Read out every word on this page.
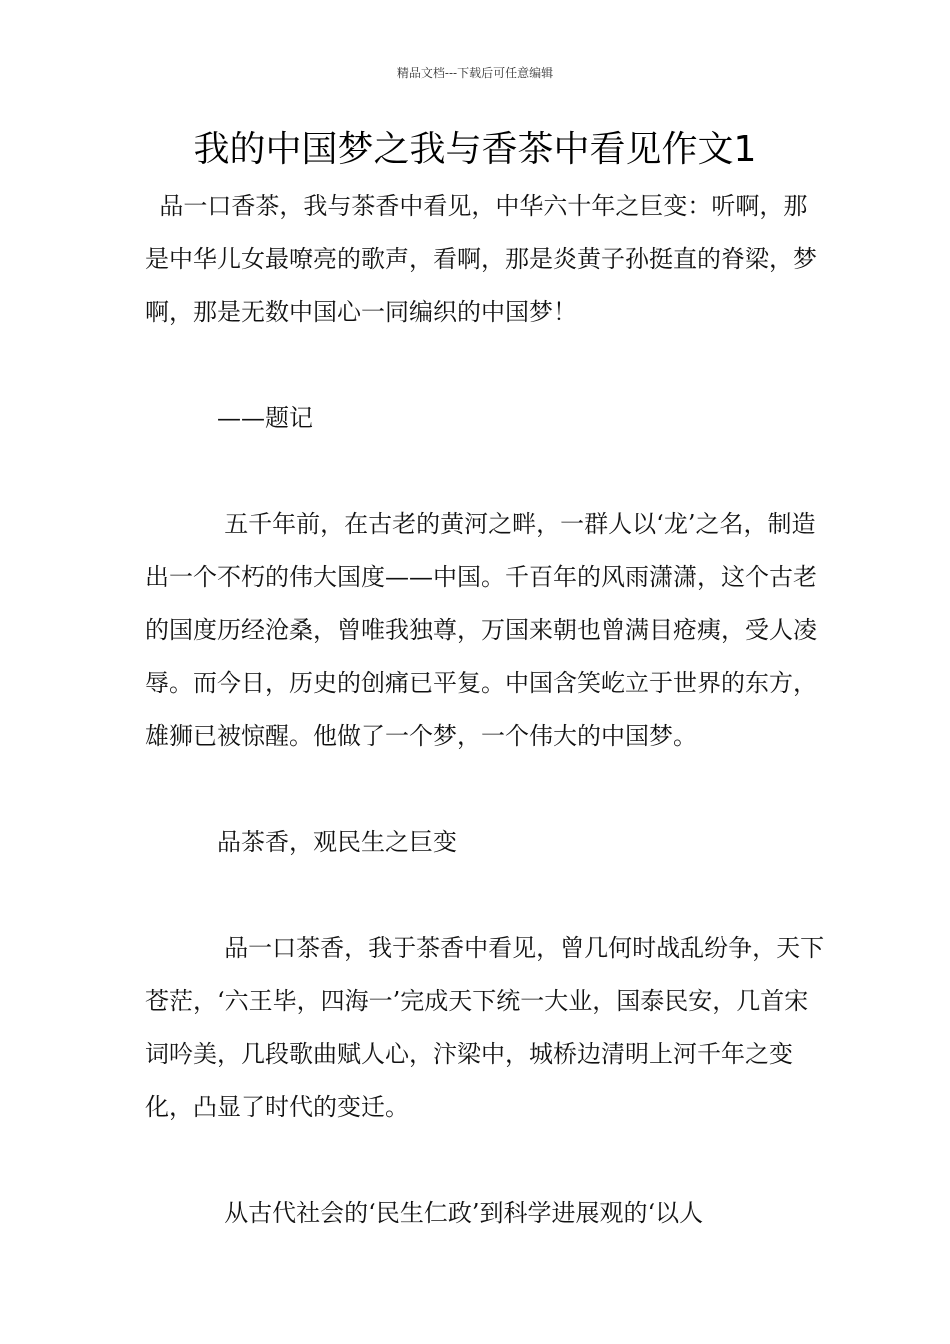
精品文档---下载后可任意编辑
我的中国梦之我与香茶中看见作文1

品一口香茶，我与茶香中看见，中华六十年之巨变：听啊，那是中华儿女最嘹亮的歌声，看啊，那是炎黄子孙挺直的脊梁，梦啊，那是无数中国心一同编织的中国梦！

——题记

五千年前，在古老的黄河之畔，一群人以‘龙’之名，制造出一个不朽的伟大国度——中国。千百年的风雨潇潇，这个古老的国度历经沧桑，曾唯我独尊，万国来朝也曾满目疮痍，受人凌辱。而今日，历史的创痛已平复。中国含笑屹立于世界的东方，雄狮已被惊醒。他做了一个梦，一个伟大的中国梦。

品茶香，观民生之巨变

品一口茶香，我于茶香中看见，曾几何时战乱纷争，天下苍茫，‘六王毕，四海一’完成天下统一大业，国泰民安，几首宋词吟美，几段歌曲赋人心，汴梁中，城桥边清明上河千年之变化，凸显了时代的变迁。

从古代社会的‘民生仁政’到科学进展观的‘以人
